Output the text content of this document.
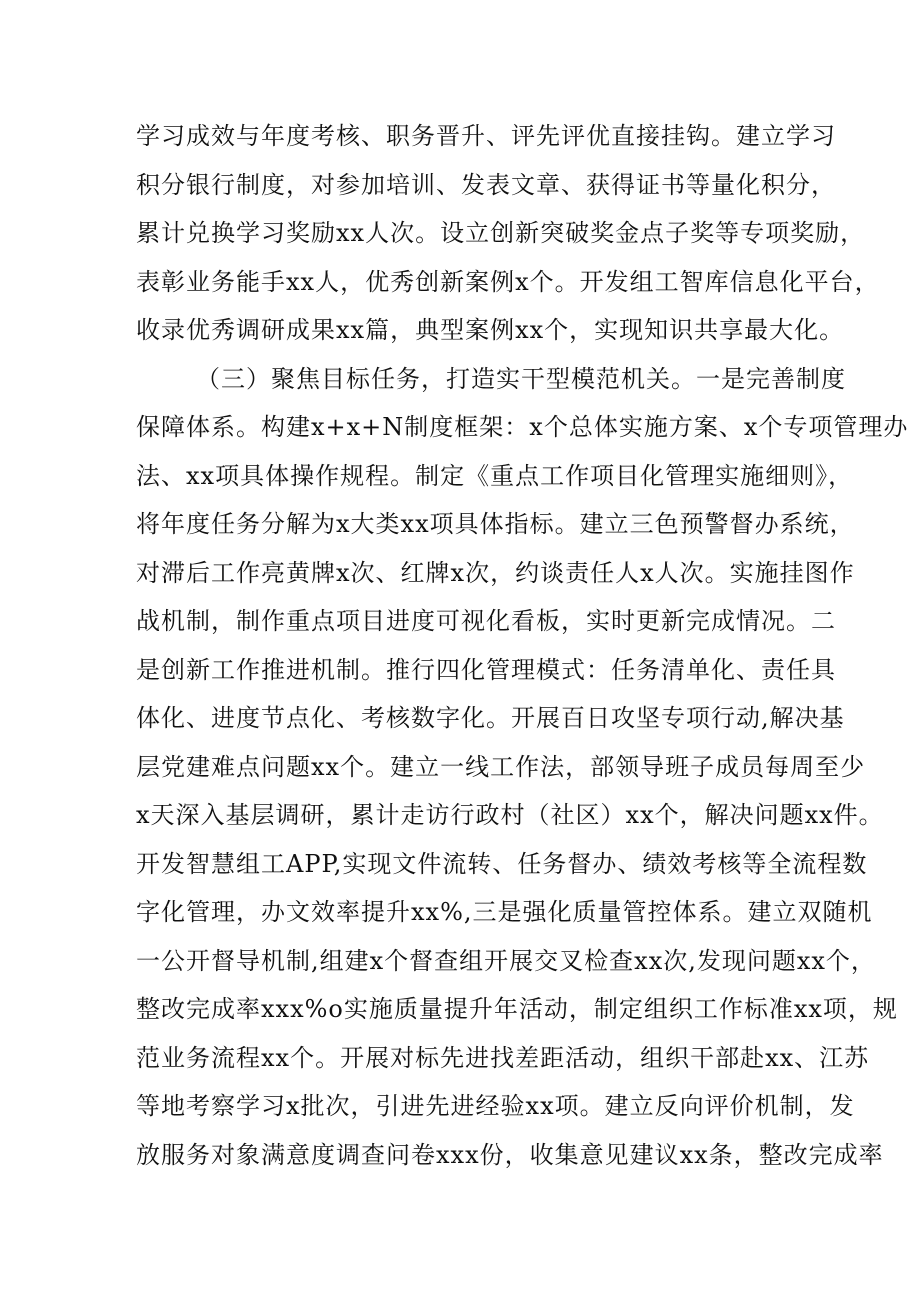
学习成效与年度考核、职务晋升、评先评优直接挂钩。建立学习
积分银行制度，对参加培训、发表文章、获得证书等量化积分，
累计兑换学习奖励xx人次。设立创新突破奖金点子奖等专项奖励，
表彰业务能手xx人，优秀创新案例x个。开发组工智库信息化平台，
收录优秀调研成果xx篇，典型案例xx个，实现知识共享最大化。
（三）聚焦目标任务，打造实干型模范机关。一是完善制度
保障体系。构建x+x+N制度框架：x个总体实施方案、x个专项管理办
法、xx项具体操作规程。制定《重点工作项目化管理实施细则》，
将年度任务分解为x大类xx项具体指标。建立三色预警督办系统，
对滞后工作亮黄牌x次、红牌x次，约谈责任人x人次。实施挂图作
战机制，制作重点项目进度可视化看板，实时更新完成情况。二
是创新工作推进机制。推行四化管理模式：任务清单化、责任具
体化、进度节点化、考核数字化。开展百日攻坚专项行动,解决基
层党建难点问题xx个。建立一线工作法，部领导班子成员每周至少
x天深入基层调研，累计走访行政村（社区）xx个，解决问题xx件。
开发智慧组工APP,实现文件流转、任务督办、绩效考核等全流程数
字化管理，办文效率提升xx%,三是强化质量管控体系。建立双随机
一公开督导机制,组建x个督查组开展交叉检查xx次,发现问题xx个，
整改完成率xxx%o实施质量提升年活动，制定组织工作标准xx项，规
范业务流程xx个。开展对标先进找差距活动，组织干部赴xx、江苏
等地考察学习x批次，引进先进经验xx项。建立反向评价机制，发
放服务对象满意度调查问卷xxx份，收集意见建议xx条，整改完成率
